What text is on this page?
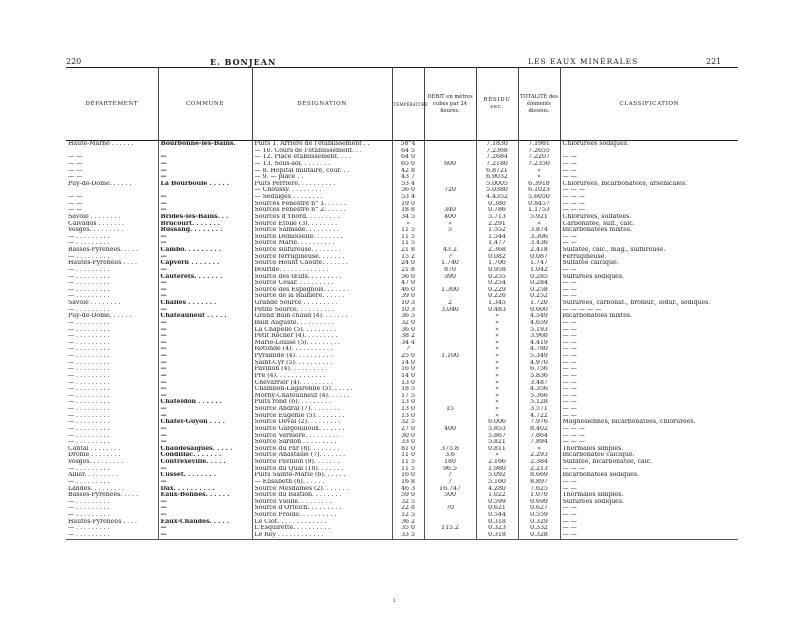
220	E. BONJEAN	LES EAUX MINÉRALES	221
DÉPARTEMENT	COMMUNE	DÉSIGNATION	TEMPÉRATURE	DÉBIT en mètres cubes par 24 heures.	RÉSIDU sec.	TOTALITÉ des éléments dissous.	CLASSIFICATION
Haute-Marne . . . . . .	Bourbonne-les-Bains.	Puits 1. Arrière de l'établissement . .	58°4		7.1830	7.1981	Chlorurées sodiques.
		— 10. Cours de l'établissement. . .	64 5		7.2368	7.2655	
— —	—	— 12. Place établissement. . . .	64 0		7.2684	7.2207	— —
— —	—	— 13. Sous-sol. . . . . . . .	65 0	600	7.2180	7.2350	— —
— —	—	— 8. Hôpital militaire, cour. . .	42 8		6.8721	»	— —
— —	—	— 9. — place . .	43 7		6.9032	»	— —
Puy-de-Dôme. . . . . .	La Bourboule . . . . .	Puits Perrière. . . . . . . . . .	53 4		5.0005	6.3918	Chlorurées, bicarbonatées, arsenicales.
		— Choussy. . . . . . . . .	56 0	720	5.0380	6.1023	— — —
— —	—	— Sedaiges . . . . . . . .	53 4		4.4352	5.6050	— — —
— —	—	Sources Fenestre n° 1. . . . . .	19 0		0.380	0.8457	— — —
— —	—	Sources Fenestre n° 2. . . . . .	18 8	340	0.786	1.1753	— — —
Savoie . . . . . . . .	Brides-les-Bains. . .	Sources d'Ybord. . . . . . . . .	34 5	400	5.713	5.921	Chlorurées, sulfatées.
Calvados . . . . . . .	Brucourt. . . . . . .	Source Etoile (3). . . . . . . .	»	»	2.291	»	Carbonatée, sulf., calc.
Vosges. . . . . . . . .	Bussang. . . . . . . .	Source Salmade. . . . . . . . .	11 5	5	1.552	3.874	Bicarbonatées mixtes.
— . . . . . . . . .	—	Source Demoiselle. . . . . . . .	11 5		1.544	3.306	— —
— . . . . . . . . .	—	Source Marie. . . . . . . . . .	11 5		1.477	3.436	— —
Basses-Pyrénées. . . . .	Cambo. . . . . . . . .	Source sulfureuse. . . . . . . .	21 8	43.2	2.368	2.418	Sulfatée, calc., mag., sulfureuse.
— . . . . . . . . .	—	Source ferrugineuse. . . . . . .	15 2	?	0.082	0.087	Ferrugineuse.
Hautes-Pyrénées . . . .	Capvern . . . . . . .	Source Hount Caoute. . . . . . .	24 0	1.740	1.700	1.747	Sulfatée calcique.
— . . . . . . . . .	—	Bouridé. . . . . . . . . . . . .	21 8	870	0.958	1.042	— —
— . . . . . . . . .	Cauterets. . . . . . .	Source des Œufs. . . . . . . . .	56 0	390	0.255	0.285	Sulfurées sodiques.
— . . . . . . . . .	—	Source César. . . . . . . . . .	47 0		0.254	0.284	— —
— . . . . . . . . .	—	Source des Espagnols. . . . . . .	46 0	1.300	0.229	0.258	— —
— . . . . . . . . .	—	Source de la Raillière. . . . . .	39 0		0.226	0.252	— —
Savoie . . . . . . . .	Challes . . . . . . .	Grande Source . . . . . . . . .	10 3	2	1.345	1.720	Sulfurées, carbonat., bromur., iodur., sodiques.
— . . . . . . . . .	—	Petite Source. . . . . . . . . .	10 3	3.040	0.483	0.600	— — — — —
Puy-de-Dôme. . . . . .	Châteauneuf . . . . .	Grand Bain chaud (4). . . . . . .	36 5		»	4.549	Bicarbonatées mixtes.
— . . . . . . . . .	—	Bain Auguste. . . . . . . . . .	32 0		»	4.659	— —
— . . . . . . . . .	—	La Chapelle (5). . . . . . . . .	36 0		»	5.193	— —
— . . . . . . . . .	—	Petit Rocher (4). . . . . . . . .	38 2		»	3.968	— —
— . . . . . . . . .	—	Marie-Louise (5). . . . . . . . .	34 4		»	4.419	— —
— . . . . . . . . .	—	Rotonde (4). . . . . . . . . . .	?		»	4.780	— —
— . . . . . . . . .	—	Pyramide (4). . . . . . . . . .	25 0	1.100	»	5.349	— —
— . . . . . . . . .	—	Saint-Cyr (5). . . . . . . . . .	14 0		»	4.970	— —
— . . . . . . . . .	—	Pavillon (4). . . . . . . . . .	16 0		»	6.756	— —
— . . . . . . . . .	—	Pré (4). . . . . . . . . . . . .	14 0		»	5.836	— —
— . . . . . . . . .	—	Chevarrier (4). . . . . . . . .	13 0		»	3.487	— —
— . . . . . . . . .	—	Chambon-Lagarenne (5). . . . . .	18 5		»	4.356	— —
— . . . . . . . . .	—	Morny-Châteauneuf (4). . . . . .	17 5		»	5.366	— —
— . . . . . . . . .	Châteldon . . . . . .	Puits rond (6). . . . . . . . .	13 0		»	5.128	— —
— . . . . . . . . .	—	Source Andral (7). . . . . . . .	13 0	15	»	3.571	— —
— . . . . . . . . .	—	Source Eugénie (5). . . . . . . .	13 0		»	4.722	— —
— . . . . . . . . .	Châtel-Guyon . . . .	Source Deval (2). . . . . . . . .	32 5		6.006	7.976	Magnésiennes, bicarbonatées, chlorurées.
— . . . . . . . . .	—	Source Gargouilloux. . . . . . .	27 0	400	5.853	8.402	— — —
— . . . . . . . . .	—	Source Vernière. . . . . . . . .	30 0		5.867	7.864	— — —
— . . . . . . . . .	—	Source Sardon . . . . . . . . .	33 0		5.821	7.894	— — —
Cantal . . . . . . . .	Chaudesaigues. . . . .	Source du Par (8). . . . . . . .	81 0	375.8	0.811	»	Thermales simples.
Drôme . . . . . . . .	Condillac. . . . . . .	Source Anastasie (7). . . . . . .	11 0	3.6	»	2.293	Bicarbonatée calcique.
Vosges. . . . . . . . .	Contrexéville. . . . .	Source Pavillon (9). . . . . . .	11 5	180	2.166	2.384	Sulfatée, bicarbonatée, calc.
— . . . . . . . . .	—	Source du Quai (10). . . . . . .	11 5	96.5	1.980	2.213	— — —
Allier. . . . . . . . .	Cusset. . . . . . . .	Puits Sainte-Marie (6). . . . . .	16 0	?	5.092	8.669	Bicarbonatées sodiques.
— . . . . . . . . .	—	— Elisabeth (6). . . . . .	16 8	?	5.160	8.897	— —
Landes. . . . . . . . .	Dax. . . . . . . . . .	Source Mesdames (2). . . . . . .	46 3	16.747	4.280	7.625	— —
Basses-Pyrénées. . . . .	Eaux-Bonnes. . . . . .	Source du Bastion. . . . . . . .	59 0	500	1.022	1.070	Thermales simples.
— . . . . . . . . .	—	Source Vieille. . . . . . . . .	32 5		0.599	0.699	Sulfurées sodiques.
— . . . . . . . . .	—	Source d'Orteich. . . . . . . . .	22 8	70	0.621	0.627	— —
— . . . . . . . . .	—	Source Froide. . . . . . . . . .	12 5		0.544	0.559	— —
Hautes-Pyrénées . . . .	Eaux-Chaudes. . . . .	Le Clot. . . . . . . . . . . . .	36 2		0.318	0.329	— —
— . . . . . . . . .	—	L'Esquirette. . . . . . . . . .	35 0	115.2	0.323	0.332	— —
— . . . . . . . . .	—	Le Rey . . . . . . . . . . . .	33 5		0.318	0.328	— —
ı
